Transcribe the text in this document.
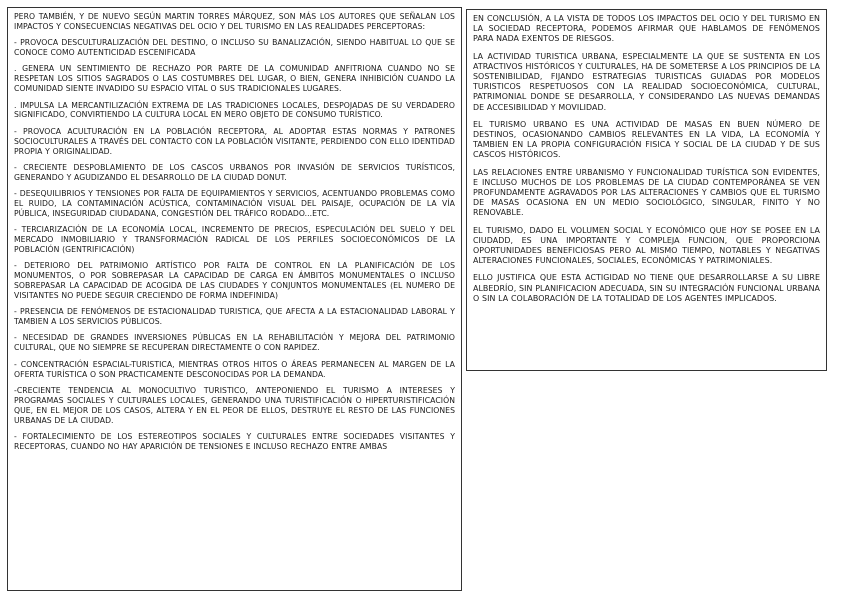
PERO TAMBIÉN, Y DE NUEVO SEGÚN MARTIN TORRES MÁRQUEZ, SON MÁS LOS AUTORES QUE SEÑALAN LOS IMPACTOS Y CONSECUENCIAS NEGATIVAS DEL OCIO Y DEL TURISMO EN LAS REALIDADES PERCEPTORAS:

- PROVOCA DESCULTURALIZACIÓN DEL DESTINO, O INCLUSO SU BANALIZACIÓN, SIENDO HABITUAL LO QUE SE CONOCE COMO AUTENTICIDAD ESCENIFICADA

. GENERA UN SENTIMIENTO DE RECHAZO POR PARTE DE LA COMUNIDAD ANFITRIONA CUANDO NO SE RESPETAN LOS SITIOS SAGRADOS O LAS COSTUMBRES DEL LUGAR, O BIEN, GENERA INHIBICIÓN CUANDO LA COMUNIDAD SIENTE INVADIDO SU ESPACIO VITAL O SUS TRADICIONALES LUGARES.

. IMPULSA LA MERCANTILIZACIÓN EXTREMA DE LAS TRADICIONES LOCALES, DESPOJADAS DE SU VERDADERO SIGNIFICADO, CONVIRTIENDO LA CULTURA LOCAL EN MERO OBJETO DE CONSUMO TURÍSTICO.

- PROVOCA ACULTURACIÓN EN LA POBLACIÓN RECEPTORA, AL ADOPTAR ESTAS NORMAS Y PATRONES SOCIOCULTURALES A TRAVÉS DEL CONTACTO CON LA POBLACIÓN VISITANTE, PERDIENDO CON ELLO IDENTIDAD PROPIA Y ORIGINALIDAD.

- CRECIENTE DESPOBLAMIENTO DE LOS CASCOS URBANOS POR INVASIÓN DE SERVICIOS TURÍSTICOS, GENERANDO Y AGUDIZANDO EL DESARROLLO DE LA CIUDAD DONUT.

- DESEQUILIBRIOS Y TENSIONES POR FALTA DE EQUIPAMIENTOS Y SERVICIOS, ACENTUANDO PROBLEMAS COMO EL RUIDO, LA CONTAMINACIÓN ACÚSTICA, CONTAMINACIÓN VISUAL DEL PAISAJE, OCUPACIÓN DE LA VÍA PÚBLICA, INSEGURIDAD CIUDADANA, CONGESTIÓN DEL TRÁFICO RODADO...ETC.

- TERCIARIZACIÓN DE LA ECONOMÍA LOCAL, INCREMENTO DE PRECIOS, ESPECULACIÓN DEL SUELO Y DEL MERCADO INMOBILIARIO Y TRANSFORMACIÓN RADICAL DE LOS PERFILES SOCIOECONÓMICOS DE LA POBLACIÓN (GENTRIFICACIÓN)

- DETERIORO DEL PATRIMONIO ARTÍSTICO POR FALTA DE CONTROL EN LA PLANIFICACIÓN DE LOS MONUMENTOS, O POR SOBREPASAR LA CAPACIDAD DE CARGA EN ÁMBITOS MONUMENTALES O INCLUSO SOBREPASAR LA CAPACIDAD DE ACOGIDA DE LAS CIUDADES Y CONJUNTOS MONUMENTALES (EL NUMERO DE VISITANTES NO PUEDE SEGUIR CRECIENDO DE FORMA INDEFINIDA)

- PRESENCIA DE FENÓMENOS DE ESTACIONALIDAD TURISTICA, QUE AFECTA A LA ESTACIONALIDAD LABORAL Y TAMBIEN A LOS SERVICIOS PÚBLICOS.

- NECESIDAD DE GRANDES INVERSIONES PÚBLICAS EN LA REHABILITACIÓN Y MEJORA DEL PATRIMONIO CULTURAL, QUE NO SIEMPRE SE RECUPERAN DIRECTAMENTE O CON RAPIDEZ.

- CONCENTRACIÓN ESPACIAL-TURISTICA, MIENTRAS OTROS HITOS O ÁREAS PERMANECEN AL MARGEN DE LA OFERTA TURÍSTICA O SON PRACTICAMENTE DESCONOCIDAS POR LA DEMANDA.

-CRECIENTE TENDENCIA AL MONOCULTIVO TURISTICO, ANTEPONIENDO EL TURISMO A INTERESES Y PROGRAMAS SOCIALES Y CULTURALES LOCALES, GENERANDO UNA TURISTIFICACIÓN O HIPERTURISTIFICACIÓN QUE, EN EL MEJOR DE LOS CASOS, ALTERA Y EN EL PEOR DE ELLOS, DESTRUYE EL RESTO DE LAS FUNCIONES URBANAS DE LA CIUDAD.

- FORTALECIMIENTO DE LOS ESTEREOTIPOS SOCIALES Y CULTURALES ENTRE SOCIEDADES VISITANTES Y RECEPTORAS, CUANDO NO HAY APARICIÓN DE TENSIONES E INCLUSO RECHAZO ENTRE AMBAS

EN CONCLUSIÓN, A LA VISTA DE TODOS LOS IMPACTOS DEL OCIO Y DEL TURISMO EN LA SOCIEDAD RECEPTORA, PODEMOS AFIRMAR QUE HABLAMOS DE FENÓMENOS PARA NADA EXENTOS DE RIESGOS.

LA ACTIVIDAD TURISTICA URBANA, ESPECIALMENTE LA QUE SE SUSTENTA EN LOS ATRACTIVOS HISTÓRICOS Y CULTURALES, HA DE SOMETERSE A LOS PRINCIPIOS DE LA SOSTENIBILIDAD, FIJANDO ESTRATEGIAS TURISTICAS GUIADAS POR MODELOS TURISTICOS RESPETUOSOS CON LA REALIDAD SOCIOECONÓMICA, CULTURAL, PATRIMONIAL DONDE SE DESARROLLA, Y CONSIDERANDO LAS NUEVAS DEMANDAS DE ACCESIBILIDAD Y MOVILIDAD.

EL TURISMO URBANO ES UNA ACTIVIDAD DE MASAS EN BUEN NÚMERO DE DESTINOS, OCASIONANDO CAMBIOS RELEVANTES EN LA VIDA, LA ECONOMÍA Y TAMBIEN EN LA PROPIA CONFIGURACIÓN FISICA Y SOCIAL DE LA CIUDAD Y DE SUS CASCOS HISTÓRICOS.

LAS RELACIONES ENTRE URBANISMO Y FUNCIONALIDAD TURÍSTICA SON EVIDENTES, E INCLUSO MUCHOS DE LOS PROBLEMAS DE LA CIUDAD CONTEMPORÁNEA SE VEN PROFUNDAMENTE AGRAVADOS POR LAS ALTERACIONES Y CAMBIOS QUE EL TURISMO DE MASAS OCASIONA EN UN MEDIO SOCIOLÓGICO, SINGULAR, FINITO Y NO RENOVABLE.

EL TURISMO, DADO EL VOLUMEN SOCIAL Y ECONÓMICO QUE HOY SE POSEE EN LA CIUDADD, ES UNA IMPORTANTE Y COMPLEJA FUNCION, QUE PROPORCIONA OPORTUNIDADES BENEFICIOSAS PERO AL MISMO TIEMPO, NOTABLES Y NEGATIVAS ALTERACIONES FUNCIONALES, SOCIALES, ECONÓMICAS Y PATRIMONIALES.

ELLO JUSTIFICA QUE ESTA ACTIGIDAD NO TIENE QUE DESARROLLARSE A SU LIBRE ALBEDRÍO, SIN PLANIFICACION ADECUADA, SIN SU INTEGRACIÓN FUNCIONAL URBANA O SIN LA COLABORACIÓN DE LA TOTALIDAD DE LOS AGENTES IMPLICADOS.
